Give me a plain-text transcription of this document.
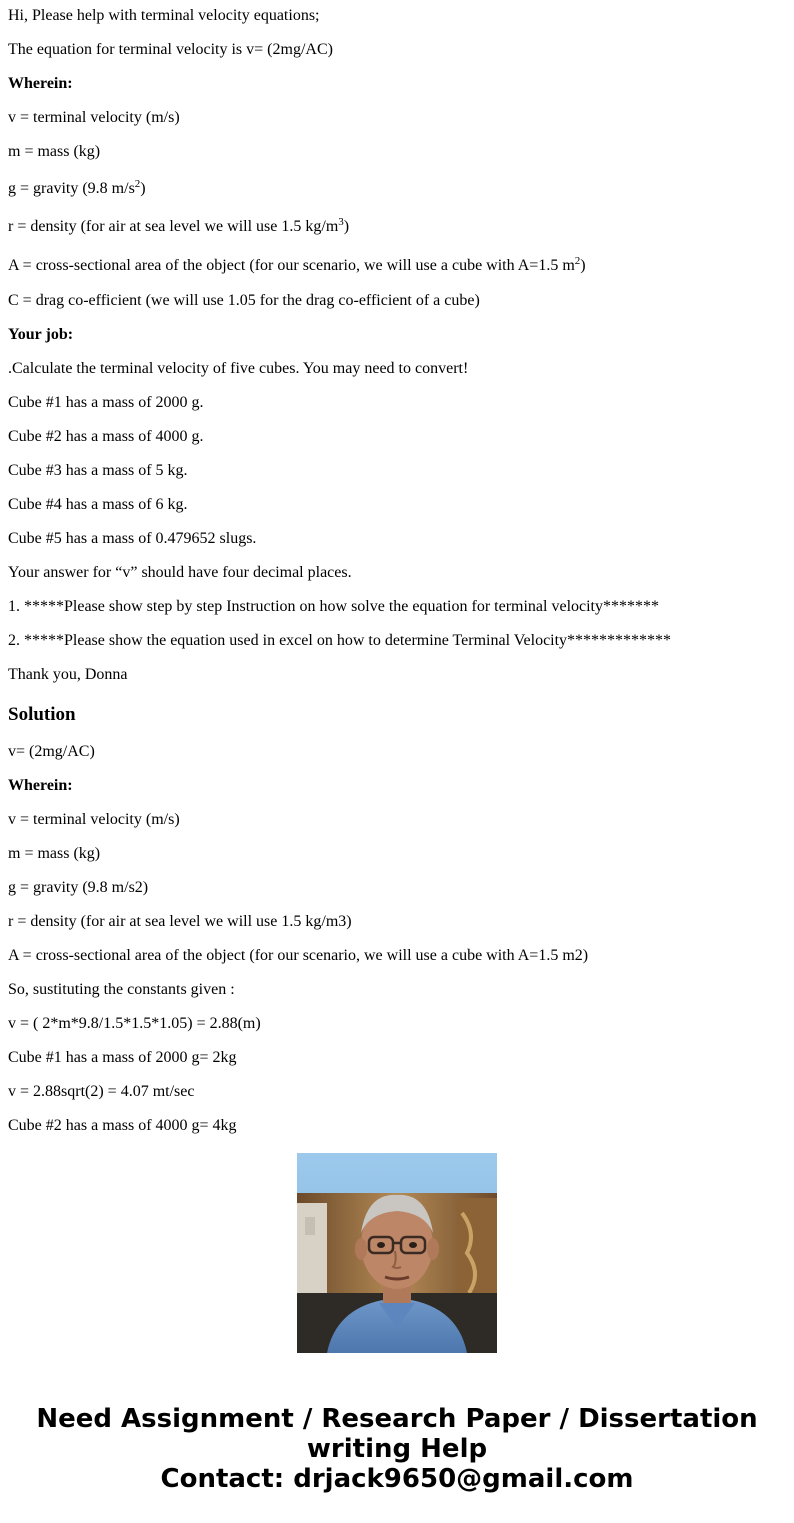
Hi, Please help with terminal velocity equations;

The equation for terminal velocity is v= (2mg/AC)

Wherein:

v = terminal velocity (m/s)

m = mass (kg)

g = gravity (9.8 $m/s^2$)

r = density (for air at sea level we will use 1.5 $kg/m^3$)

A = cross-sectional area of the object (for our scenario, we will use a cube with A=1.5 $m^2$)

C = drag co-efficient (we will use 1.05 for the drag co-efficient of a cube)

Your job:

.Calculate the terminal velocity of five cubes. You may need to convert!

Cube #1 has a mass of 2000 g.

Cube #2 has a mass of 4000 g.

Cube #3 has a mass of 5 kg.

Cube #4 has a mass of 6 kg.

Cube #5 has a mass of 0.479652 slugs.

Your answer for “v” should have four decimal places.

1. *****Please show step by step Instruction on how solve the equation for terminal velocity*******

2. *****Please show the equation used in excel on how to determine Terminal Velocity*************

Thank you, Donna

Solution

v= (2mg/AC)

Wherein:

v = terminal velocity (m/s)

m = mass (kg)

g = gravity (9.8 m/s2)

r = density (for air at sea level we will use 1.5 kg/m3)

A = cross-sectional area of the object (for our scenario, we will use a cube with A=1.5 m2)

So, sustituting the constants given :

v = ( 2*m*9.8/1.5*1.5*1.05) = 2.88(m)

Cube #1 has a mass of 2000 g= 2kg

v = 2.88sqrt(2) = 4.07 mt/sec

Cube #2 has a mass of 4000 g= 4kg

Need Assignment / Research Paper / Dissertation
writing Help
Contact: drjack9650@gmail.com
